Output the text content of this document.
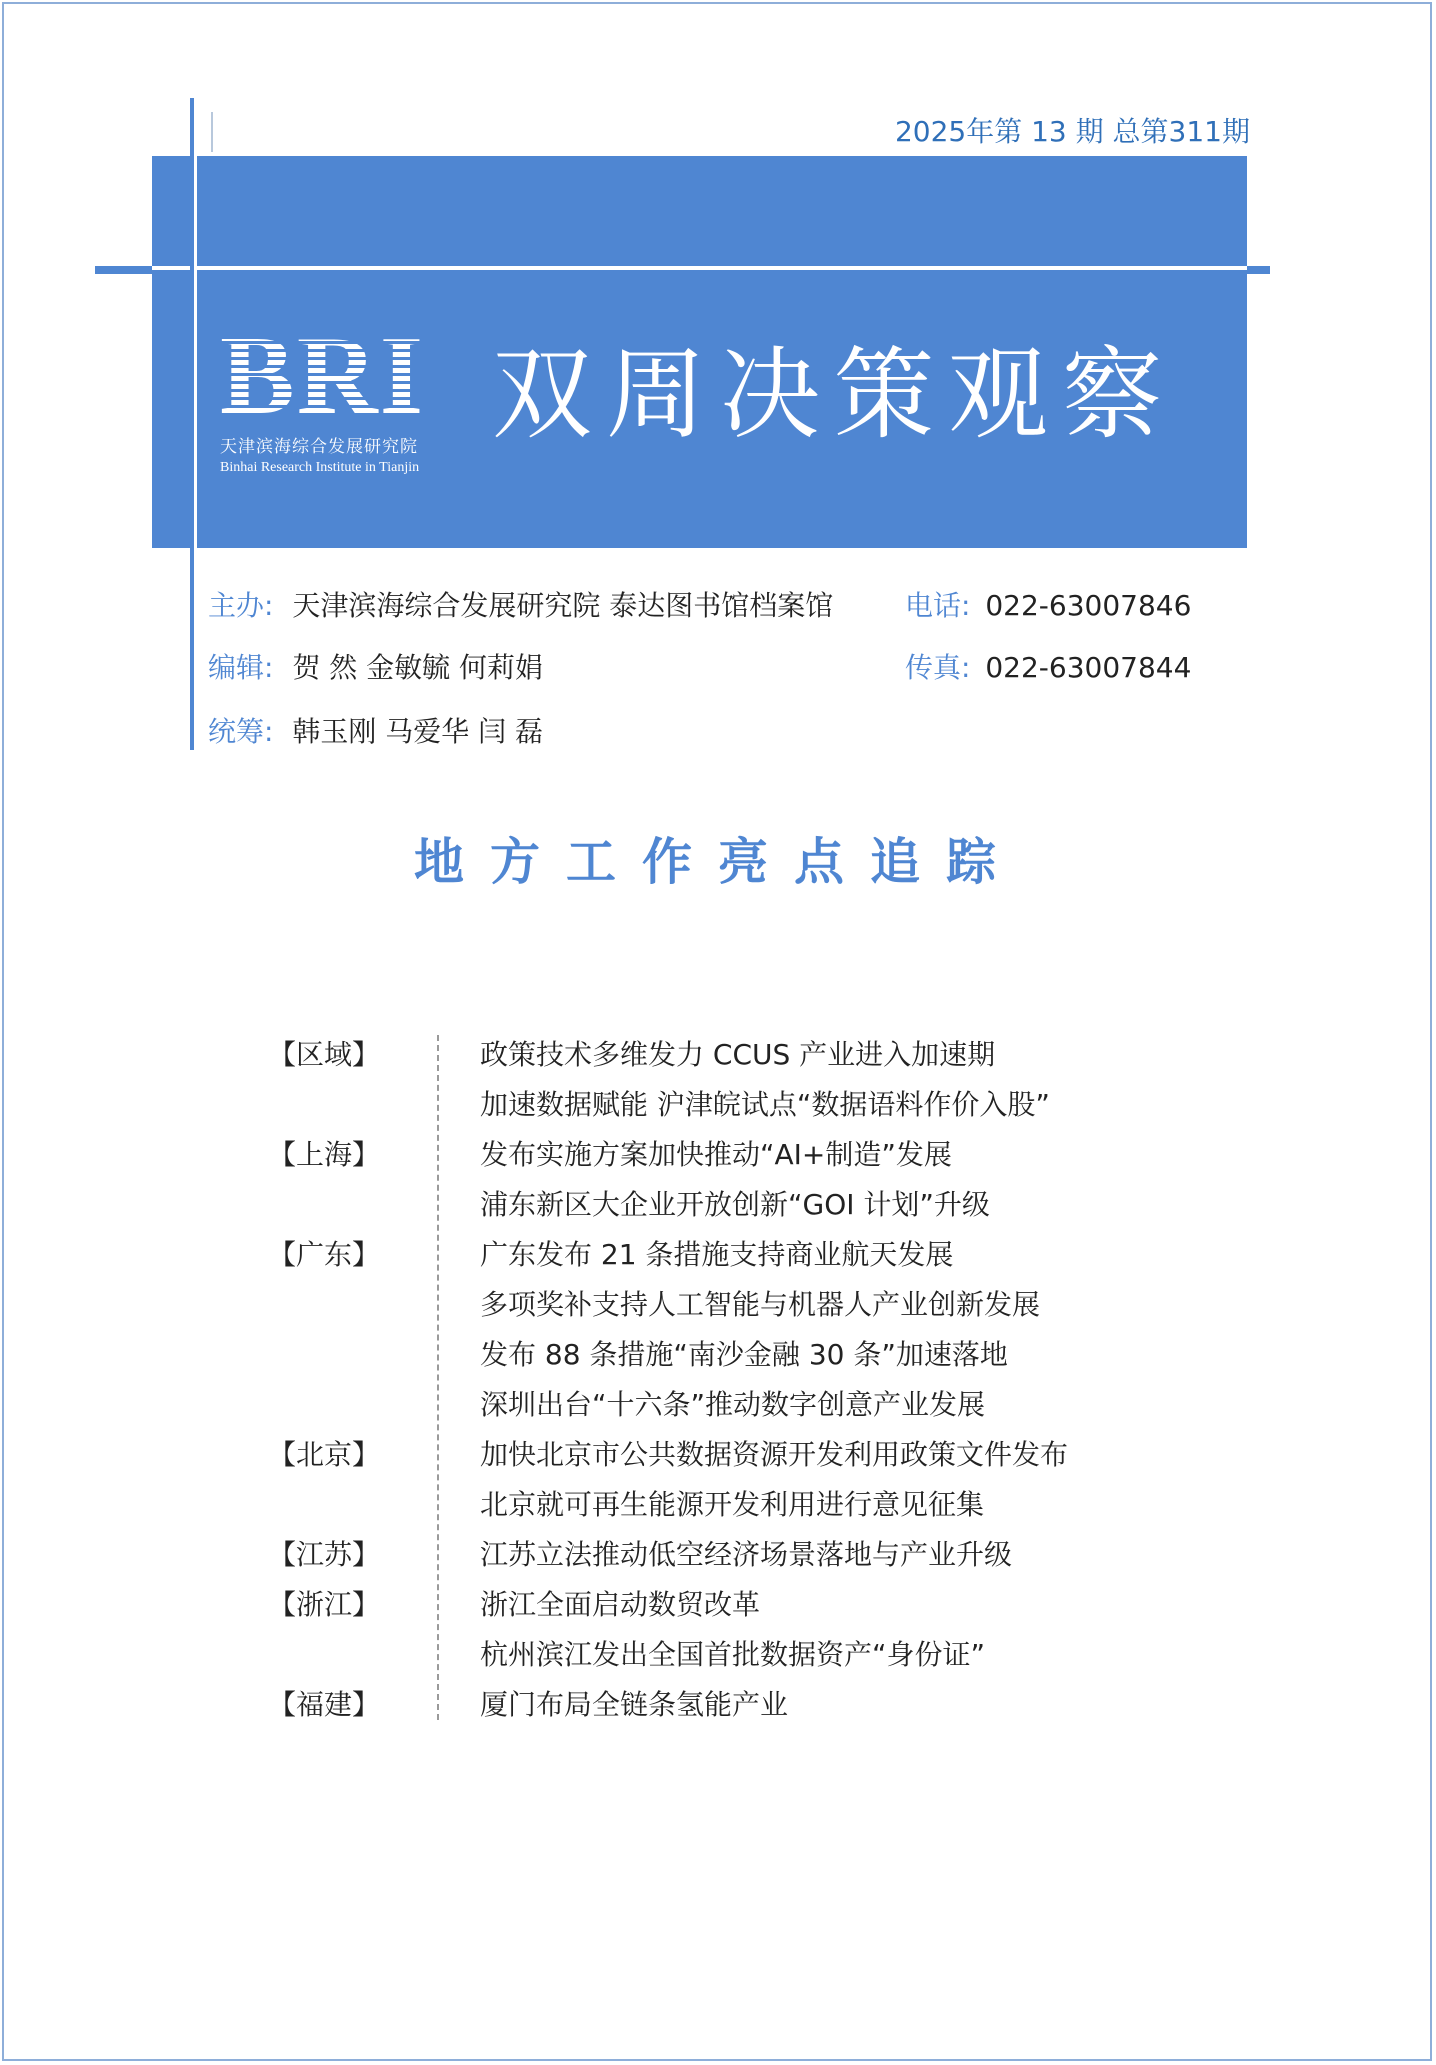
2025年第 13 期 总第311期
BRI
天津滨海综合发展研究院
Binhai Research Institute in Tianjin
双周决策观察
主办: 天津滨海综合发展研究院 泰达图书馆档案馆	电话: 022-63007846
编辑: 贺 然 金敏毓 何莉娟	传真: 022-63007844
统筹: 韩玉刚 马爱华 闫 磊
地方工作亮点追踪
【区域】	政策技术多维发力 CCUS 产业进入加速期
加速数据赋能 沪津皖试点“数据语料作价入股”
【上海】	发布实施方案加快推动“AI+制造”发展
浦东新区大企业开放创新“GOI 计划”升级
【广东】	广东发布 21 条措施支持商业航天发展
多项奖补支持人工智能与机器人产业创新发展
发布 88 条措施“南沙金融 30 条”加速落地
深圳出台“十六条”推动数字创意产业发展
【北京】	加快北京市公共数据资源开发利用政策文件发布
北京就可再生能源开发利用进行意见征集
【江苏】	江苏立法推动低空经济场景落地与产业升级
【浙江】	浙江全面启动数贸改革
杭州滨江发出全国首批数据资产“身份证”
【福建】	厦门布局全链条氢能产业
